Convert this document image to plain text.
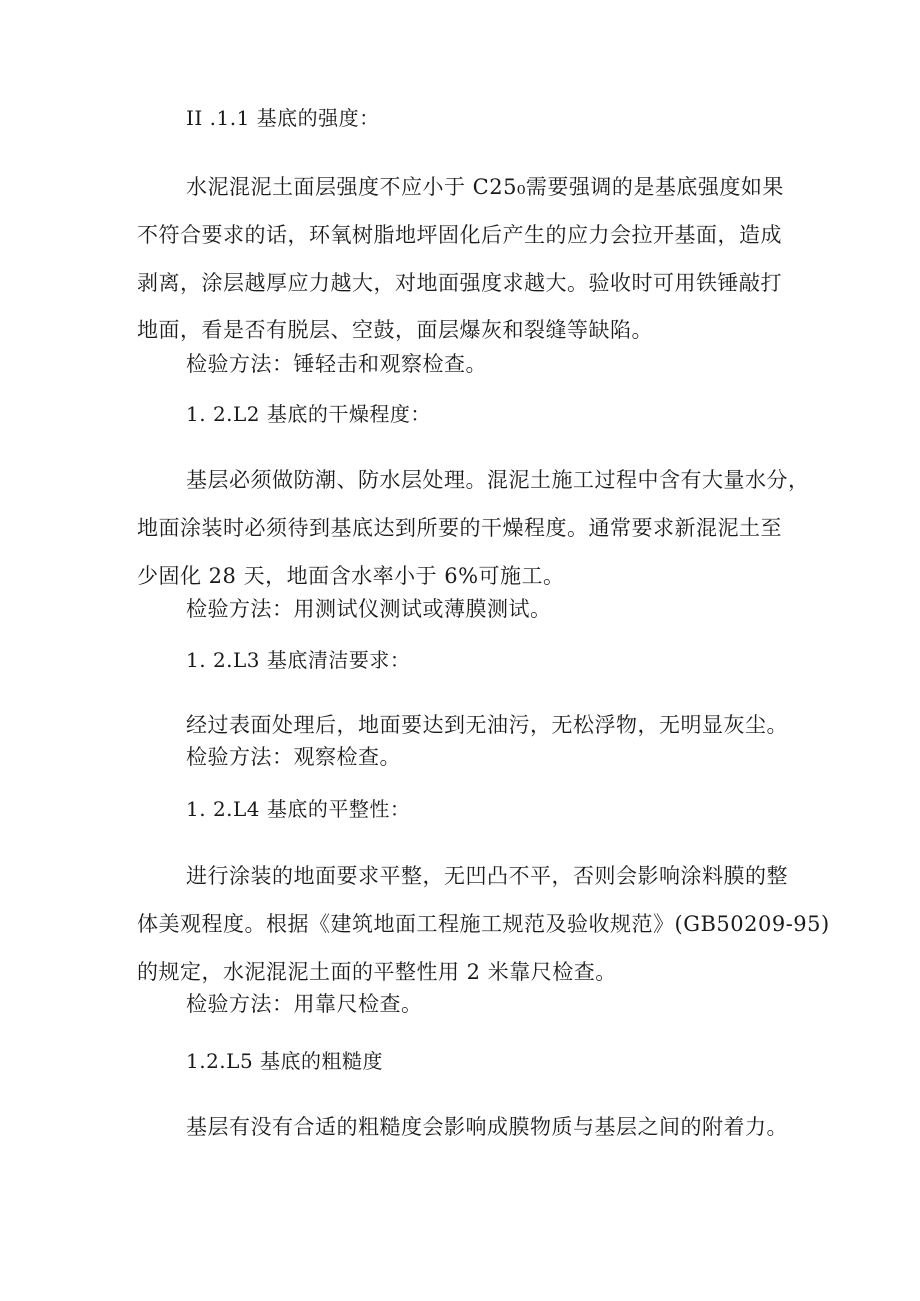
II .1.1 基底的强度：
水泥混泥土面层强度不应小于 C25₀需要强调的是基底强度如果
不符合要求的话，环氧树脂地坪固化后产生的应力会拉开基面，造成
剥离，涂层越厚应力越大，对地面强度求越大。验收时可用铁锤敲打
地面，看是否有脱层、空鼓，面层爆灰和裂缝等缺陷。
检验方法：锤轻击和观察检查。
1. 2.L2 基底的干燥程度：
基层必须做防潮、防水层处理。混泥土施工过程中含有大量水分，
地面涂装时必须待到基底达到所要的干燥程度。通常要求新混泥土至
少固化 28 天，地面含水率小于 6%可施工。
检验方法：用测试仪测试或薄膜测试。
1. 2.L3 基底清洁要求：
经过表面处理后，地面要达到无油污，无松浮物，无明显灰尘。
检验方法：观察检查。
1. 2.L4 基底的平整性：
进行涂装的地面要求平整，无凹凸不平，否则会影响涂料膜的整
体美观程度。根据《建筑地面工程施工规范及验收规范》(GB50209-95)
的规定，水泥混泥土面的平整性用 2 米靠尺检查。
检验方法：用靠尺检查。
1.2.L5 基底的粗糙度
基层有没有合适的粗糙度会影响成膜物质与基层之间的附着力。
